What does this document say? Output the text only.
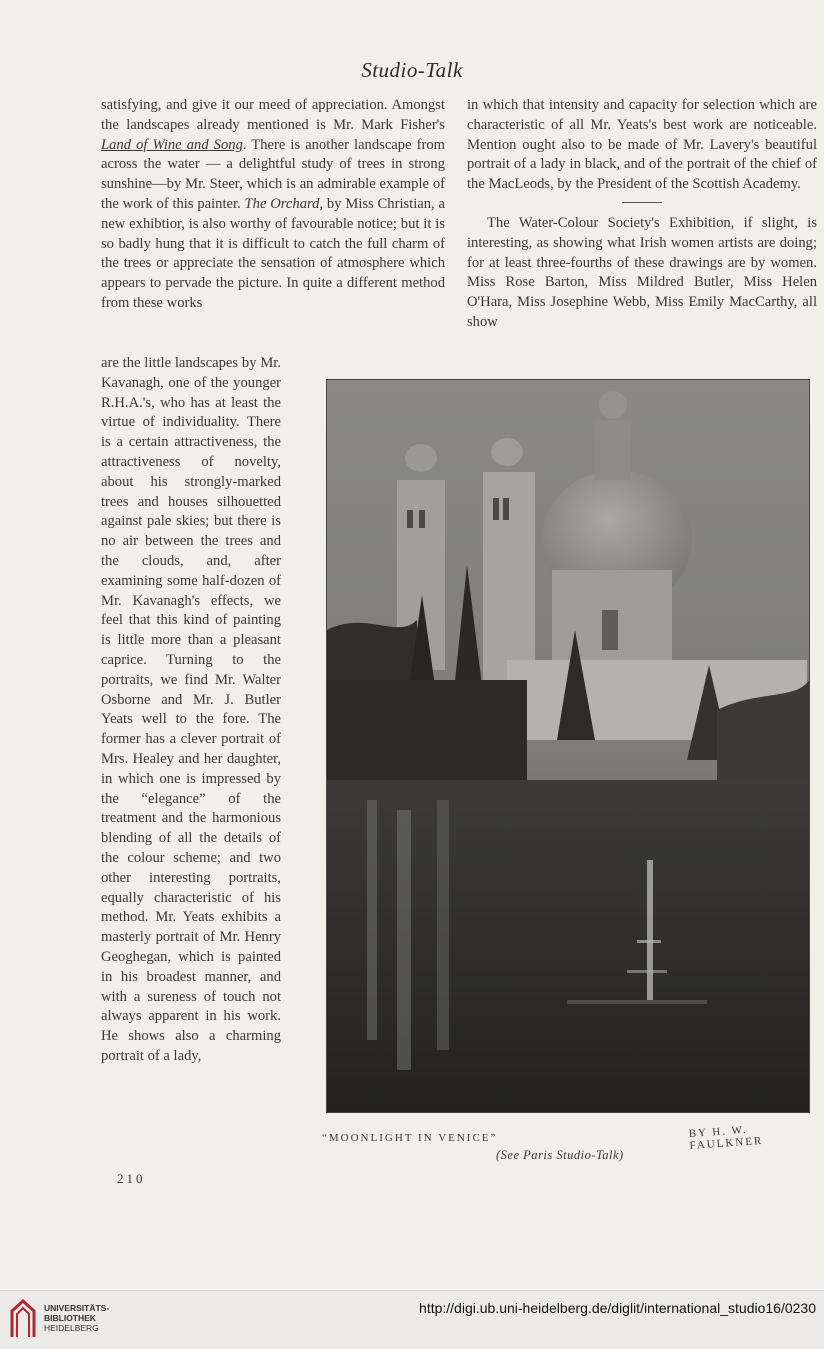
Studio-Talk

satisfying, and give it our meed of appreciation. Amongst the landscapes already mentioned is Mr. Mark Fisher's Land of Wine and Song. There is another landscape from across the water — a delightful study of trees in strong sunshine—by Mr. Steer, which is an admirable example of the work of this painter. The Orchard, by Miss Christian, a new exhibtior, is also worthy of favourable notice; but it is so badly hung that it is difficult to catch the full charm of the trees or appreciate the sensation of atmosphere which appears to pervade the picture. In quite a different method from these works

are the little landscapes by Mr. Kavanagh, one of the younger R.H.A.'s, who has at least the virtue of individuality. There is a certain attractiveness, the attractiveness of novelty, about his strongly-marked trees and houses silhouetted against pale skies; but there is no air between the trees and the clouds, and, after examining some half-dozen of Mr. Kavanagh's effects, we feel that this kind of painting is little more than a pleasant caprice. Turning to the portraits, we find Mr. Walter Osborne and Mr. J. Butler Yeats well to the fore. The former has a clever portrait of Mrs. Healey and her daughter, in which one is impressed by the “elegance” of the treatment and the harmonious blending of all the details of the colour scheme; and two other interesting portraits, equally characteristic of his method. Mr. Yeats exhibits a masterly portrait of Mr. Henry Geoghegan, which is painted in his broadest manner, and with a sureness of touch not always apparent in his work. He shows also a charming portrait of a lady,

in which that intensity and capacity for selection which are characteristic of all Mr. Yeats's best work are noticeable. Mention ought also to be made of Mr. Lavery's beautiful portrait of a lady in black, and of the portrait of the chief of the MacLeods, by the President of the Scottish Academy.

The Water-Colour Society's Exhibition, if slight, is interesting, as showing what Irish women artists are doing; for at least three-fourths of these drawings are by women. Miss Rose Barton, Miss Mildred Butler, Miss Helen O'Hara, Miss Josephine Webb, Miss Emily MacCarthy, all show

“MOONLIGHT IN VENICE”	BY H. W. FAULKNER
(See Paris Studio-Talk)
210
UNIVERSITÄTS-
BIBLIOTHEK
HEIDELBERG
http://digi.ub.uni-heidelberg.de/diglit/international_studio16/0230
